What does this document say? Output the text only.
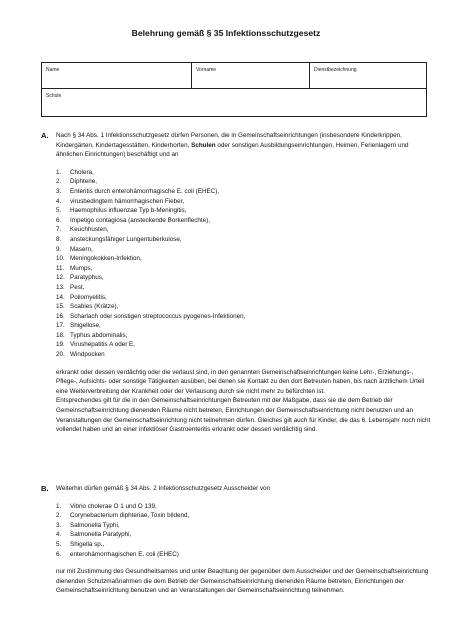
Belehrung gemäß § 35 Infektionsschutzgesetz
Name	Vorname	Dienstbezeichnung
Schule
A. Nach § 34 Abs. 1 Infektionsschutzgesetz dürfen Personen, die in Gemeinschaftseinrichtungen (insbesondere Kinderkrippen, Kindergärten, Kindertagesstätten, Kinderhorten, Schulen oder sonstigen Ausbildungseinrichtungen, Heimen, Ferienlagern und ähnlichen Einrichtungen) beschäftigt und an
1.	Cholera,
2.	Diphterie,
3.	Enteritis durch enterohämorrhagische E. coli (EHEC),
4.	virusbedingtem hämorrhagischen Fieber,
5.	Haemophilus influenzae Typ b-Meningitis,
6.	Impetigo contagiosa (ansteckende Borkenflechte),
7.	Keuchhusten,
8.	ansteckungsfähiger Lungentuberkulose,
9.	Masern,
10. Meningokokken-Infektion,
11. Mumps,
12. Paratyphus,
13. Pest,
14. Poliomyelitis,
15. Scabies (Krätze),
16. Scharlach oder sonstigen streptococcus pyogenes-Infektionen,
17. Shigellose,
18. Typhus abdominalis,
19. Virushepatitis A oder E,
20. Windpocken
erkrankt oder dessen verdächtig oder die verlaust sind, in den genannten Gemeinschaftseinrichtungen keine Lehr-, Erziehungs-, Pflege-, Aufsichts- oder sonstige Tätigkeiten ausüben, bei denen sie Kontakt zu den dort Betreuten haben, bis nach ärztlichem Urteil eine Weiterverbreitung der Krankheit oder der Verlausung durch sie nicht mehr zu befürchten ist.
Entsprechendes gilt für die in den Gemeinschaftseinrichtungen Betreuten mit der Maßgabe, dass sie die dem Betrieb der Gemeinschaftseinrichtung dienenden Räume nicht betreten, Einrichtungen der Gemeinschaftseinrichtung nicht benutzen und an Veranstaltungen der Gemeinschaftseinrichtung nicht teilnehmen dürfen. Gleiches gilt auch für Kinder, die das 6. Lebensjahr noch nicht vollendet haben und an einer infektiöser Gastroenteritis erkrankt oder dessen verdächtig sind.
B. Weiterhin dürfen gemäß § 34 Abs. 2 Infektionsschutzgesetz Ausscheider von
1.	Vibrio cholerae O 1 und O 139,
2.	Corynebacterium diphteriae, Toxin bildend,
3.	Salmonella Typhi,
4.	Salmonella Paratyphi,
5.	Shigella sp.,
6.	enterohämorrhagischen E. coli (EHEC)
nur mit Zustimmung des Gesundheitsamtes und unter Beachtung der gegenüber dem Ausscheider und der Gemeinschaftseinrichtung dienenden Schutzmaßnahmen die dem Betrieb der Gemeinschaftseinrichtung dienenden Räume betreten, Einrichtungen der Gemeinschaftseinrichtung benutzen und an Veranstaltungen der Gemeinschaftseinrichtung teilnehmen.
